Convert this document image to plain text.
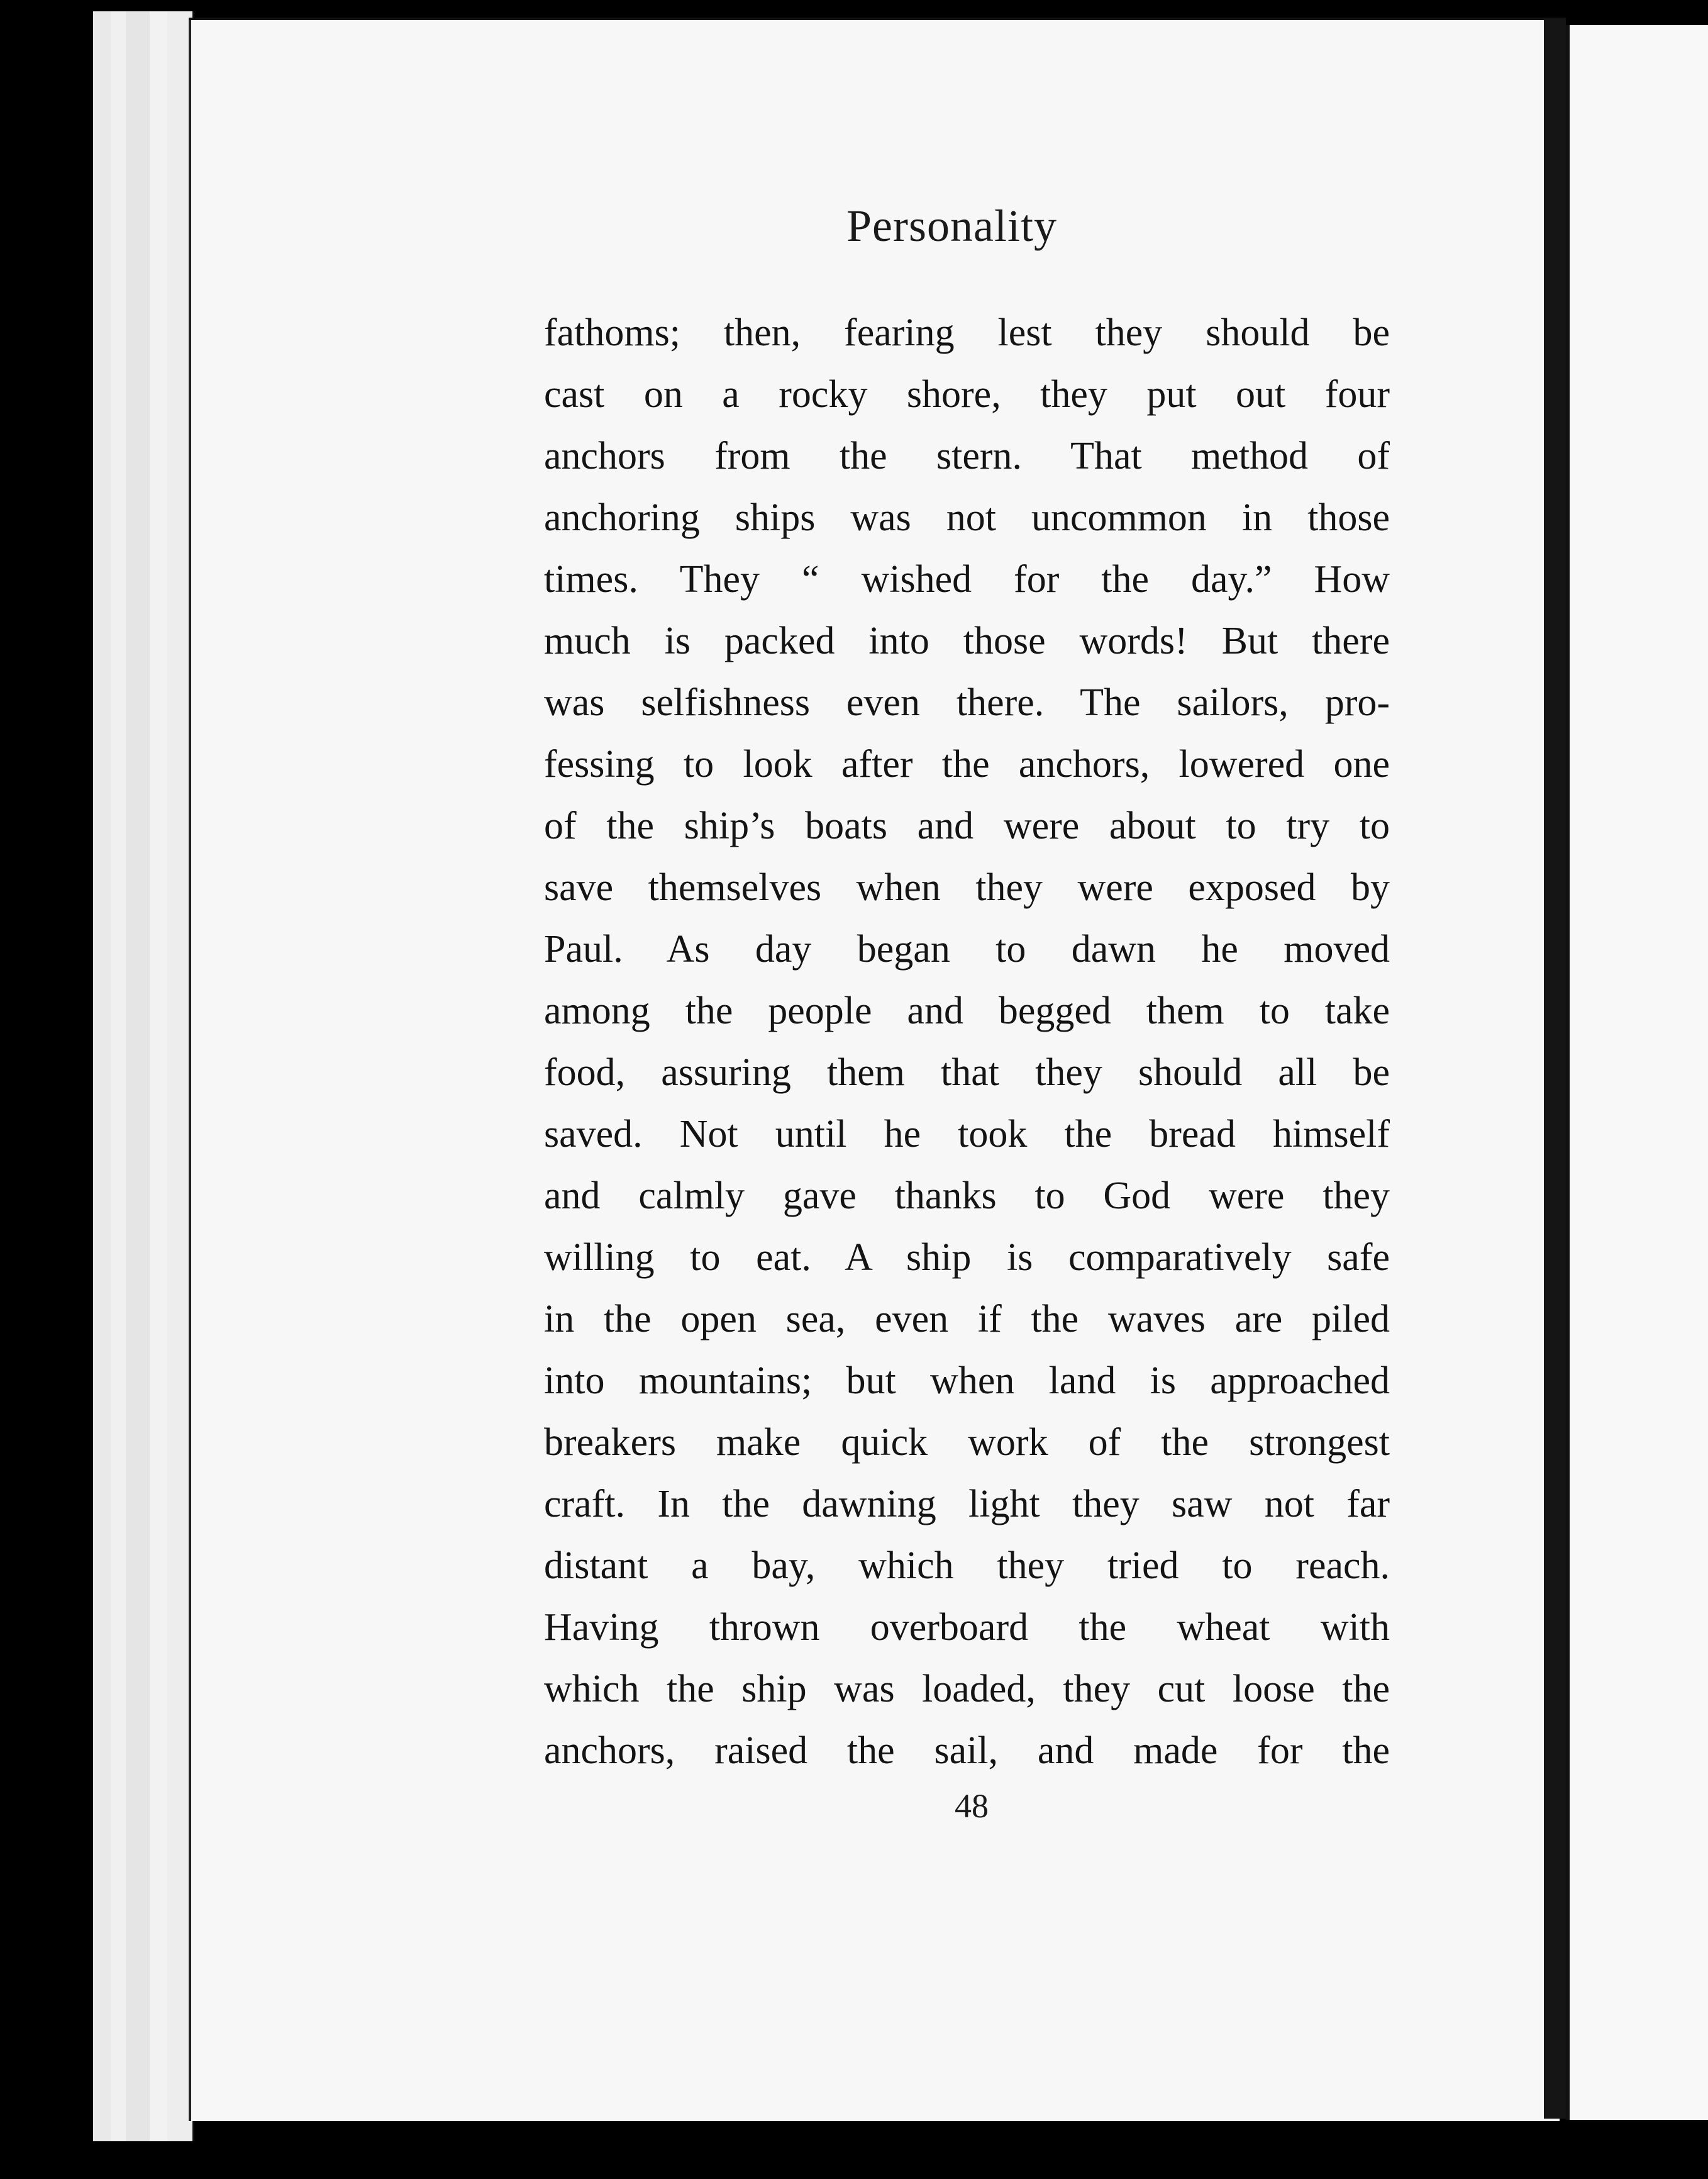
Personality
fathoms; then, fearing lest they should be
cast on a rocky shore, they put out four
anchors from the stern. That method of
anchoring ships was not uncommon in those
times. They “ wished for the day.” How
much is packed into those words! But there
was selfishness even there. The sailors, pro-
fessing to look after the anchors, lowered one
of the ship’s boats and were about to try to
save themselves when they were exposed by
Paul. As day began to dawn he moved
among the people and begged them to take
food, assuring them that they should all be
saved. Not until he took the bread himself
and calmly gave thanks to God were they
willing to eat. A ship is comparatively safe
in the open sea, even if the waves are piled
into mountains; but when land is approached
breakers make quick work of the strongest
craft. In the dawning light they saw not far
distant a bay, which they tried to reach.
Having thrown overboard the wheat with
which the ship was loaded, they cut loose the
anchors, raised the sail, and made for the
48
